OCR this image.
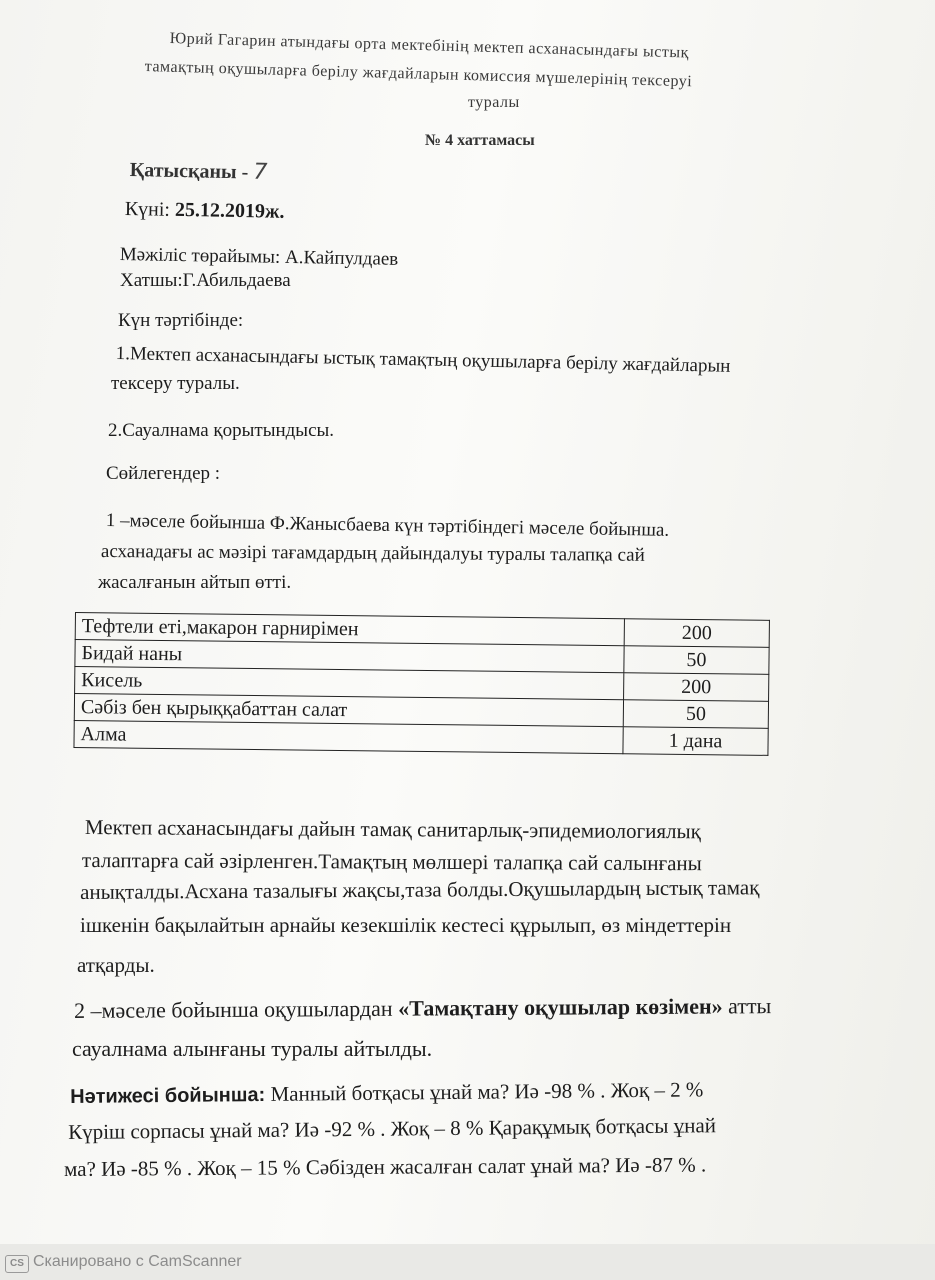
Юрий Гагарин атындағы орта мектебінің мектеп асханасындағы ыстық
тамақтың оқушыларға берілу жағдайларын комиссия мүшелерінің тексеруі
туралы
№ 4 хаттамасы
Қатысқаны - 7
Күні: 25.12.2019ж.
Мәжіліс төрайымы: А.Кайпулдаев
Хатшы:Г.Абильдаева
Күн тәртібінде:
1.Мектеп асханасындағы ыстық тамақтың оқушыларға берілу жағдайларын
тексеру туралы.
2.Сауалнама қорытындысы.
Сөйлегендер :
1 –мәселе бойынша Ф.Жанысбаева күн тәртібіндегі мәселе бойынша.
асханадағы ас мәзірі тағамдардың дайындалуы туралы талапқа сай
жасалғанын айтып өтті.
Тефтели еті,макарон гарнирімен	200
Бидай наны	50
Кисель	200
Сәбіз бен қырыққабаттан салат	50
Алма	1 дана
Мектеп асханасындағы дайын тамақ санитарлық-эпидемиологиялық
талаптарға сай әзірленген.Тамақтың мөлшері талапқа сай салынғаны
анықталды.Асхана тазалығы жақсы,таза болды.Оқушылардың ыстық тамақ
ішкенін бақылайтын арнайы кезекшілік кестесі құрылып, өз міндеттерін
атқарды.
2 –мәселе бойынша оқушылардан «Тамақтану оқушылар көзімен» атты
сауалнама алынғаны туралы айтылды.
Нәтижесі бойынша: Манный ботқасы ұнай ма? Иә -98 % . Жоқ – 2 %
Күріш сорпасы ұнай ма? Иә -92 % . Жоқ – 8 % Қарақұмық ботқасы ұнай
ма? Иә -85 % . Жоқ – 15 % Сәбізден жасалған салат ұнай ма? Иә -87 % .
CS Сканировано с CamScanner
